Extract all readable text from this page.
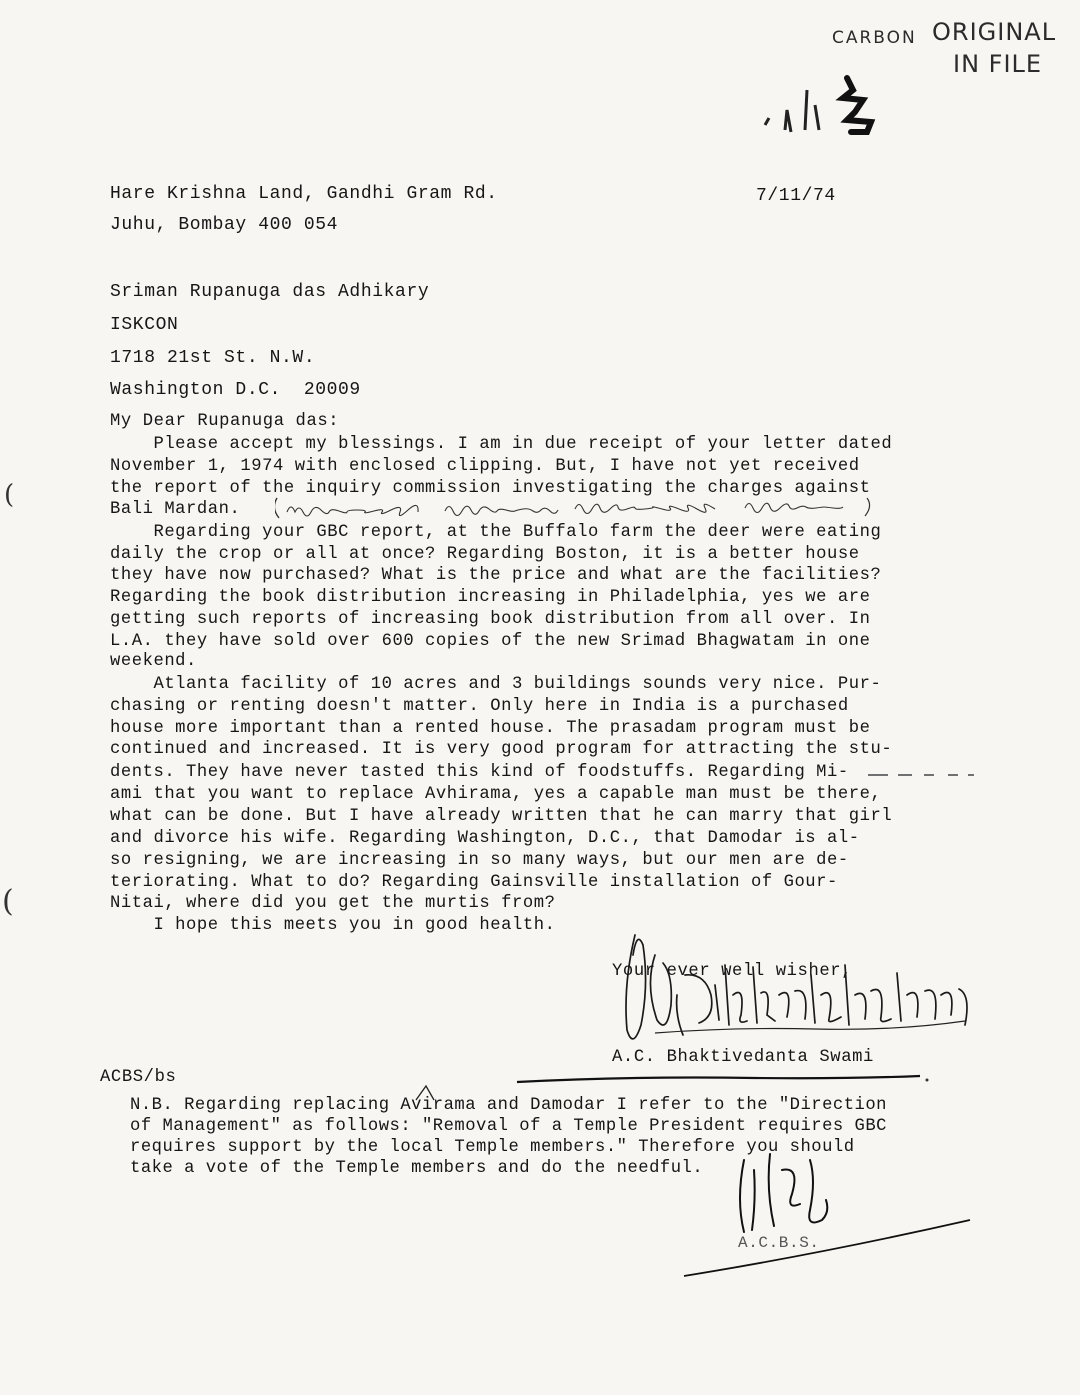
CARBON ORIGINAL
IN FILE
Hare Krishna Land, Gandhi Gram Rd.
Juhu, Bombay 400 054
7/11/74
Sriman Rupanuga das Adhikary
ISKCON
1718 21st St. N.W.
Washington D.C.  20009
My Dear Rupanuga das:
Please accept my blessings. I am in due receipt of your letter dated
November 1, 1974 with enclosed clipping. But, I have not yet received
the report of the inquiry commission investigating the charges against
Bali Mardan.
Regarding your GBC report, at the Buffalo farm the deer were eating
daily the crop or all at once? Regarding Boston, it is a better house
they have now purchased? What is the price and what are the facilities?
Regarding the book distribution increasing in Philadelphia, yes we are
getting such reports of increasing book distribution from all over. In
L.A. they have sold over 600 copies of the new Srimad Bhagwatam in one
weekend.
Atlanta facility of 10 acres and 3 buildings sounds very nice. Pur-
chasing or renting doesn't matter. Only here in India is a purchased
house more important than a rented house. The prasadam program must be
continued and increased. It is very good program for attracting the stu-
dents. They have never tasted this kind of foodstuffs. Regarding Mi-
ami that you want to replace Avhirama, yes a capable man must be there,
what can be done. But I have already written that he can marry that girl
and divorce his wife. Regarding Washington, D.C., that Damodar is al-
so resigning, we are increasing in so many ways, but our men are de-
teriorating. What to do? Regarding Gainsville installation of Gour-
Nitai, where did you get the murtis from?
I hope this meets you in good health.
(
(
Your ever well wisher,
A.C. Bhaktivedanta Swami
ACBS/bs
N.B. Regarding replacing Avirama and Damodar I refer to the "Direction
of Management" as follows: "Removal of a Temple President requires GBC
requires support by the local Temple members." Therefore you should
take a vote of the Temple members and do the needful.
A.C.B.S.
